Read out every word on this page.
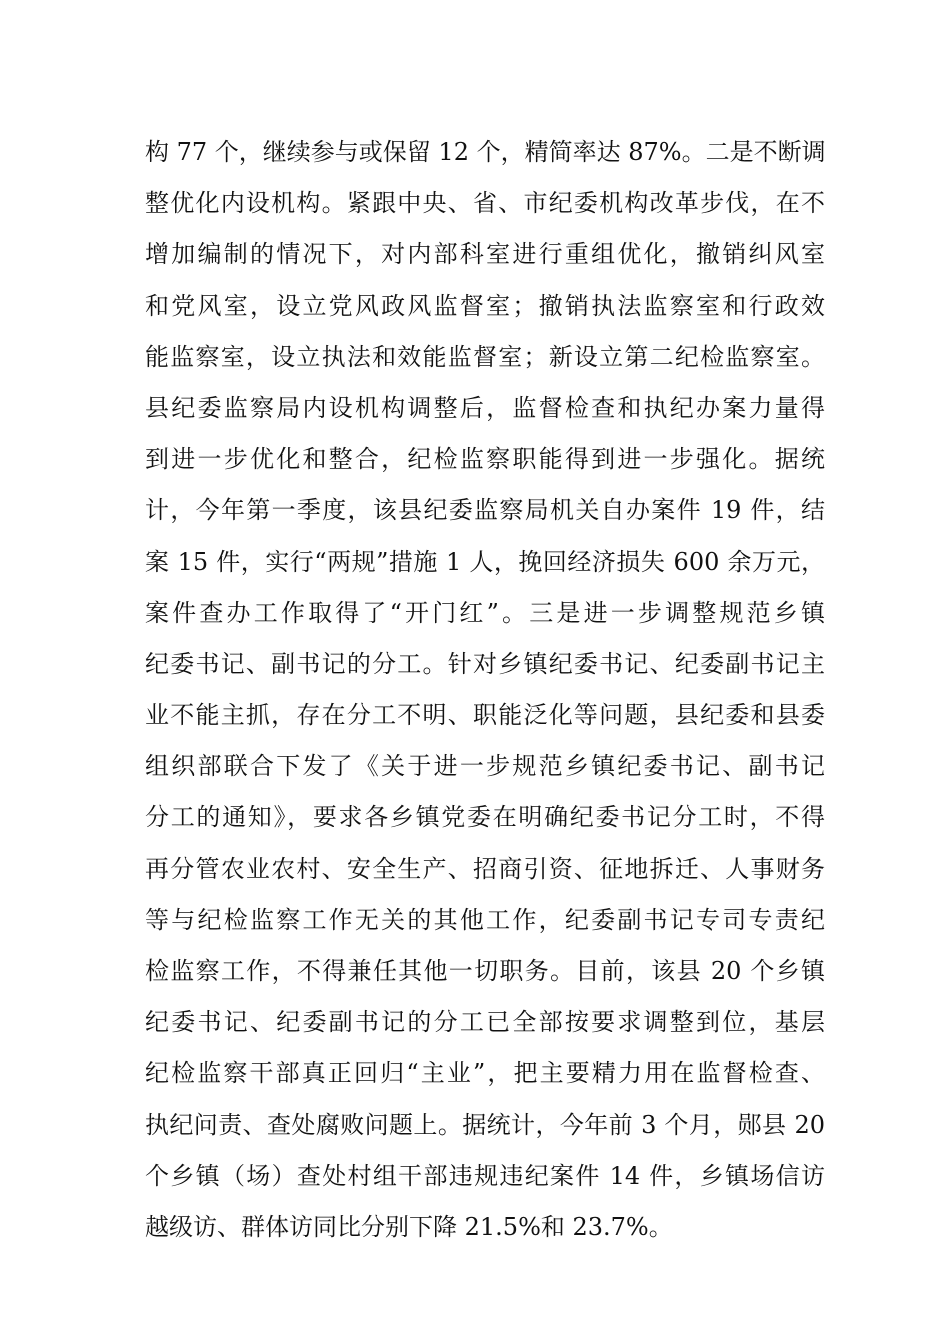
构 77 个，继续参与或保留 12 个，精简率达 87%。二是不断调
整优化内设机构。紧跟中央、省、市纪委机构改革步伐，在不
增加编制的情况下，对内部科室进行重组优化，撤销纠风室
和党风室，设立党风政风监督室；撤销执法监察室和行政效
能监察室，设立执法和效能监督室；新设立第二纪检监察室。
县纪委监察局内设机构调整后，监督检查和执纪办案力量得
到进一步优化和整合，纪检监察职能得到进一步强化。据统
计，今年第一季度，该县纪委监察局机关自办案件 19 件，结
案 15 件，实行“两规”措施 1 人，挽回经济损失 600 余万元，
案件查办工作取得了“开门红”。三是进一步调整规范乡镇
纪委书记、副书记的分工。针对乡镇纪委书记、纪委副书记主
业不能主抓，存在分工不明、职能泛化等问题，县纪委和县委
组织部联合下发了《关于进一步规范乡镇纪委书记、副书记
分工的通知》，要求各乡镇党委在明确纪委书记分工时，不得
再分管农业农村、安全生产、招商引资、征地拆迁、人事财务
等与纪检监察工作无关的其他工作，纪委副书记专司专责纪
检监察工作，不得兼任其他一切职务。目前，该县 20 个乡镇
纪委书记、纪委副书记的分工已全部按要求调整到位，基层
纪检监察干部真正回归“主业”，把主要精力用在监督检查、
执纪问责、查处腐败问题上。据统计，今年前 3 个月，郧县 20
个乡镇（场）查处村组干部违规违纪案件 14 件，乡镇场信访
越级访、群体访同比分别下降 21.5%和 23.7%。
